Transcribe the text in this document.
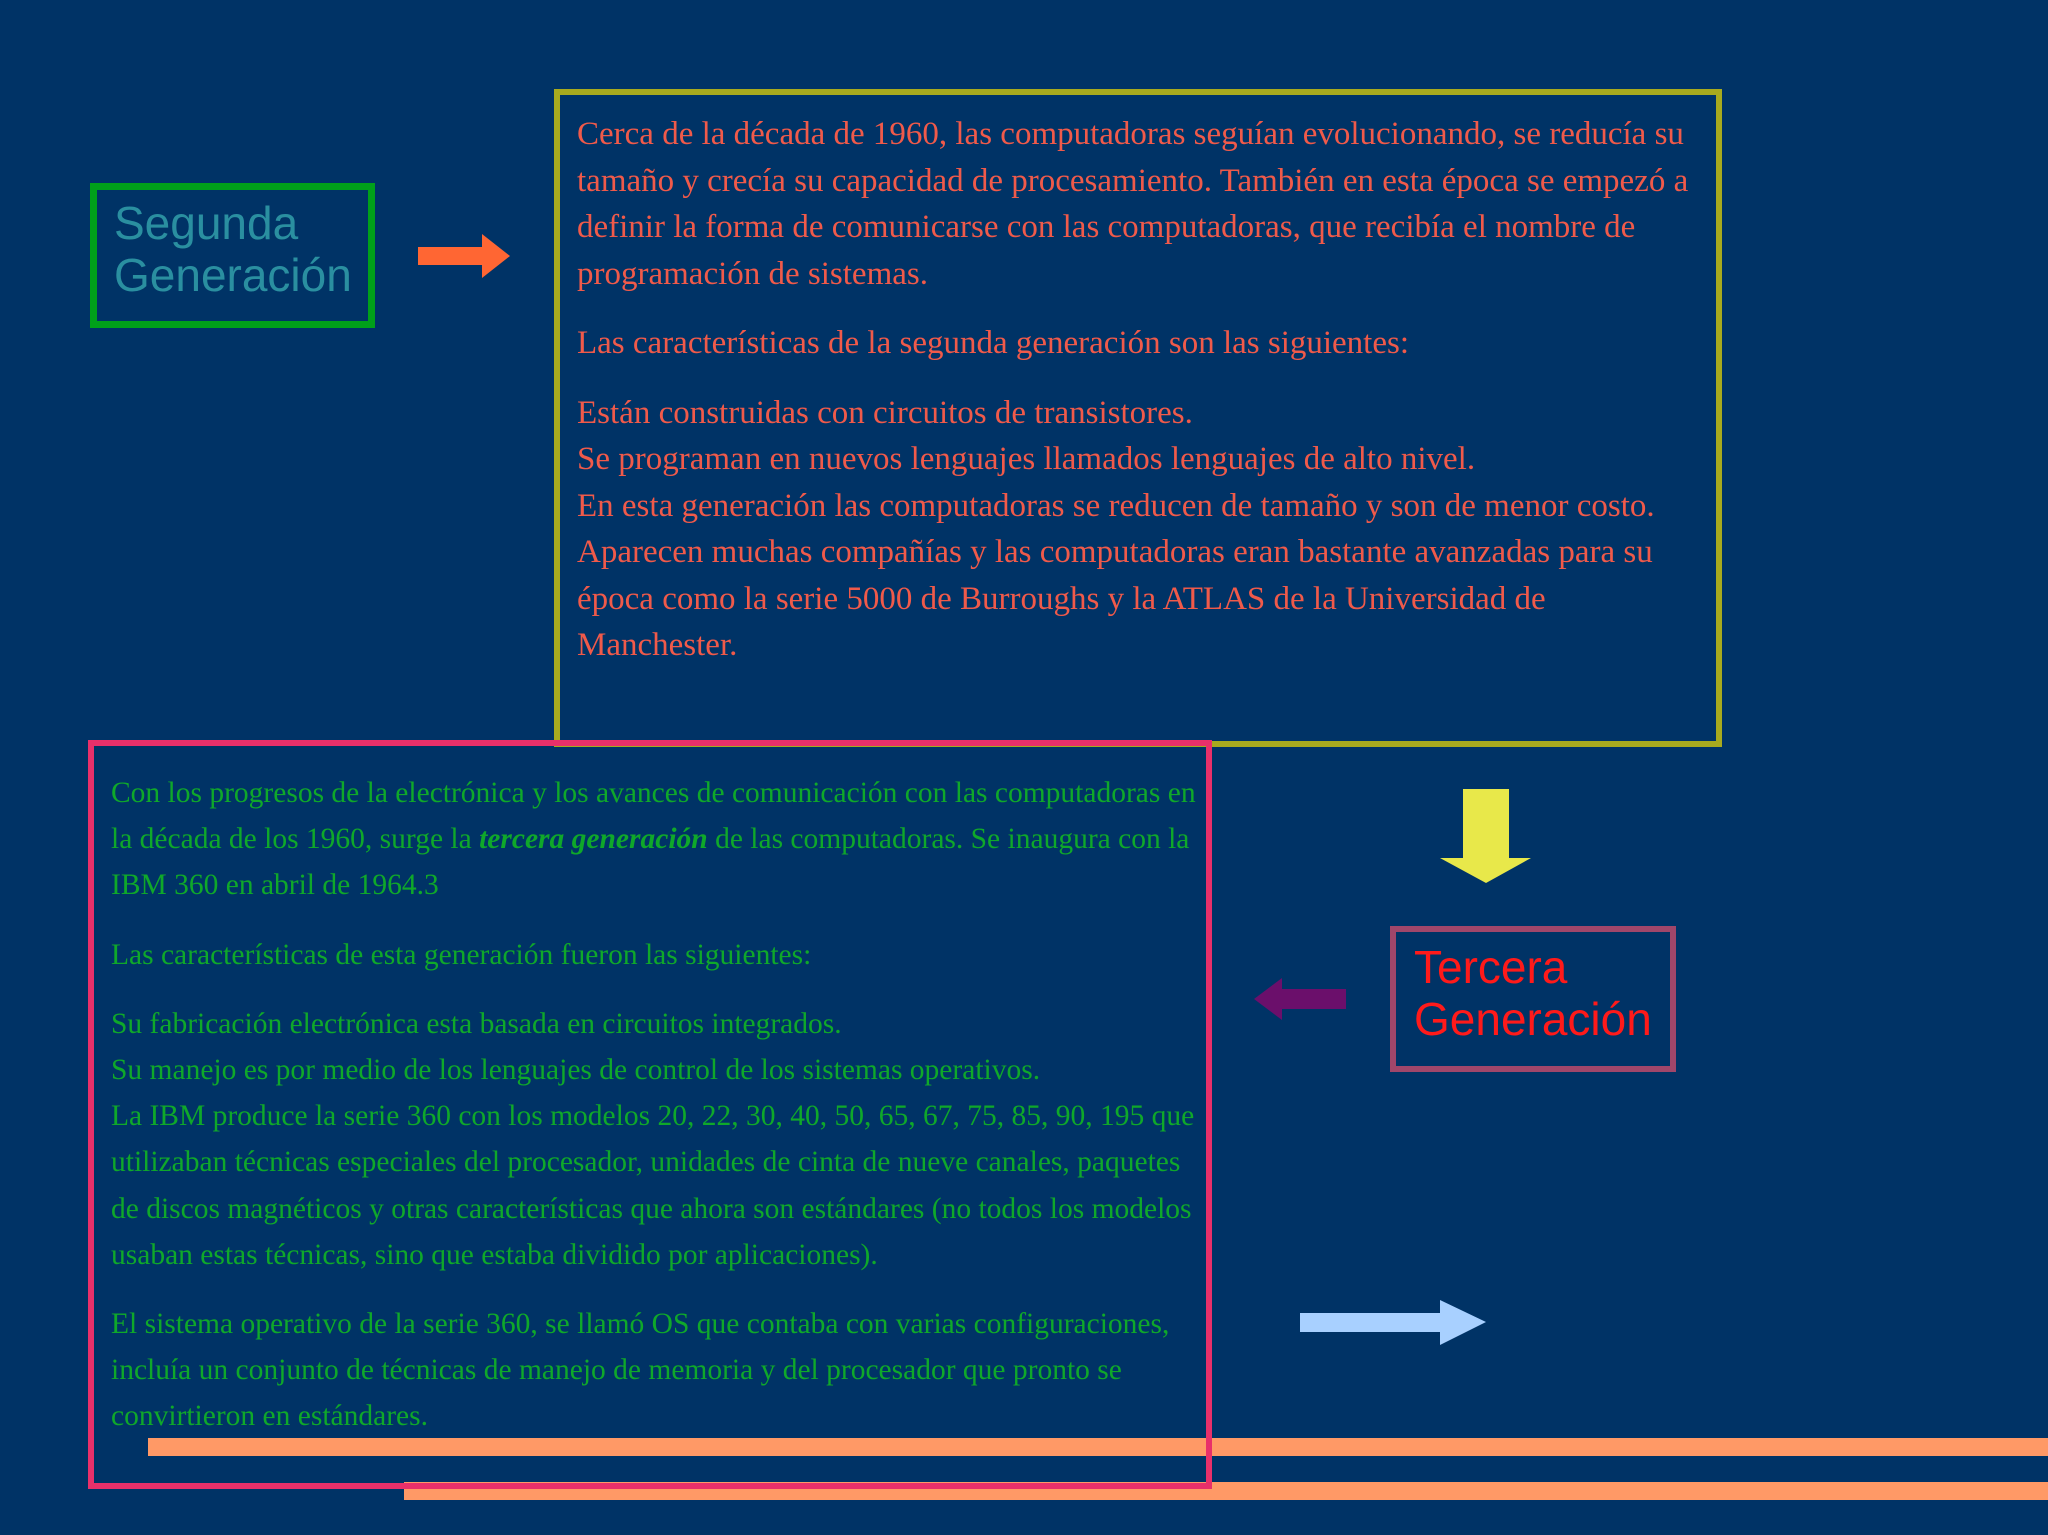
Segunda
Generación

Cerca de la década de 1960, las computadoras seguían evolucionando, se reducía su tamaño y crecía su capacidad de procesamiento. También en esta época se empezó a definir la forma de comunicarse con las computadoras, que recibía el nombre de programación de sistemas.

Las características de la segunda generación son las siguientes:

Están construidas con circuitos de transistores.
Se programan en nuevos lenguajes llamados lenguajes de alto nivel.
En esta generación las computadoras se reducen de tamaño y son de menor costo. Aparecen muchas compañías y las computadoras eran bastante avanzadas para su época como la serie 5000 de Burroughs y la ATLAS de la Universidad de Manchester.

Tercera
Generación

Con los progresos de la electrónica y los avances de comunicación con las computadoras en la década de los 1960, surge la tercera generación de las computadoras. Se inaugura con la IBM 360 en abril de 1964.3

Las características de esta generación fueron las siguientes:

Su fabricación electrónica esta basada en circuitos integrados.
Su manejo es por medio de los lenguajes de control de los sistemas operativos.
La IBM produce la serie 360 con los modelos 20, 22, 30, 40, 50, 65, 67, 75, 85, 90, 195 que utilizaban técnicas especiales del procesador, unidades de cinta de nueve canales, paquetes de discos magnéticos y otras características que ahora son estándares (no todos los modelos usaban estas técnicas, sino que estaba dividido por aplicaciones).

El sistema operativo de la serie 360, se llamó OS que contaba con varias configuraciones, incluía un conjunto de técnicas de manejo de memoria y del procesador que pronto se convirtieron en estándares.
